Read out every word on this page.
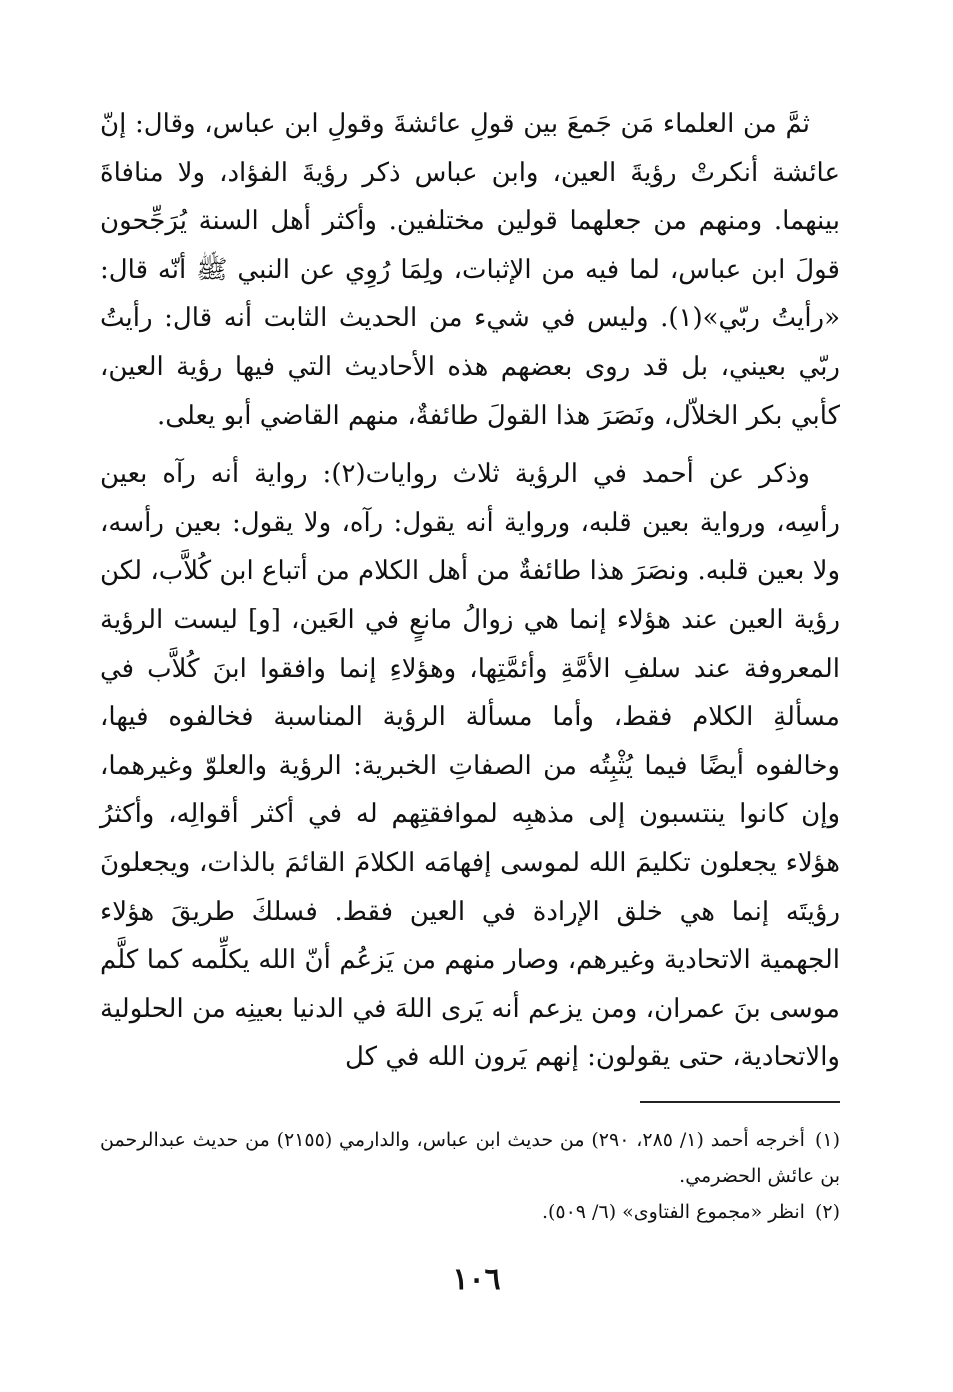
ثمَّ من العلماء مَن جَمعَ بين قولِ عائشةَ وقولِ ابن عباس، وقال: إنّ عائشة أنكرتْ رؤيةَ العين، وابن عباس ذكر رؤيةَ الفؤاد، ولا منافاةَ بينهما. ومنهم من جعلهما قولين مختلفين. وأكثر أهل السنة يُرَجِّحون قولَ ابن عباس، لما فيه من الإثبات، ولِمَا رُوِي عن النبي ﷺ أنّه قال: «رأيتُ ربّي»(١). وليس في شيء من الحديث الثابت أنه قال: رأيتُ ربّي بعيني، بل قد روى بعضهم هذه الأحاديث التي فيها رؤية العين، كأبي بكر الخلاّل، ونَصَرَ هذا القولَ طائفةٌ، منهم القاضي أبو يعلى.

وذكر عن أحمد في الرؤية ثلاث روايات(٢): رواية أنه رآه بعين رأسِه، ورواية بعين قلبه، ورواية أنه يقول: رآه، ولا يقول: بعين رأسه، ولا بعين قلبه. ونصَرَ هذا طائفةٌ من أهل الكلام من أتباع ابن كُلاَّب، لكن رؤية العين عند هؤلاء إنما هي زوالُ مانعٍ في العَين، [و] ليست الرؤية المعروفة عند سلفِ الأمَّةِ وأئمَّتِها، وهؤلاءِ إنما وافقوا ابنَ كُلاَّب في مسألةِ الكلام فقط، وأما مسألة الرؤية المناسبة فخالفوه فيها، وخالفوه أيضًا فيما يُثْبِتُه من الصفاتِ الخبرية: الرؤية والعلوّ وغيرهما، وإن كانوا ينتسبون إلى مذهبِه لموافقتِهم له في أكثر أقوالِه، وأكثرُ هؤلاء يجعلون تكليمَ الله لموسى إفهامَه الكلامَ القائمَ بالذات، ويجعلونَ رؤيتَه إنما هي خلق الإرادة في العين فقط. فسلكَ طريقَ هؤلاء الجهمية الاتحادية وغيرهم، وصار منهم من يَزعُم أنّ الله يكلِّمه كما كلَّم موسى بنَ عمران، ومن يزعم أنه يَرى اللهَ في الدنيا بعينِه من الحلولية والاتحادية، حتى يقولون: إنهم يَرون الله في كل

(١)أخرجه أحمد (١/ ٢٨٥، ٢٩٠) من حديث ابن عباس، والدارمي (٢١٥٥) من حديث عبدالرحمن بن عائش الحضرمي.

(٢)انظر «مجموع الفتاوى» (٦/ ٥٠٩).

١٠٦
